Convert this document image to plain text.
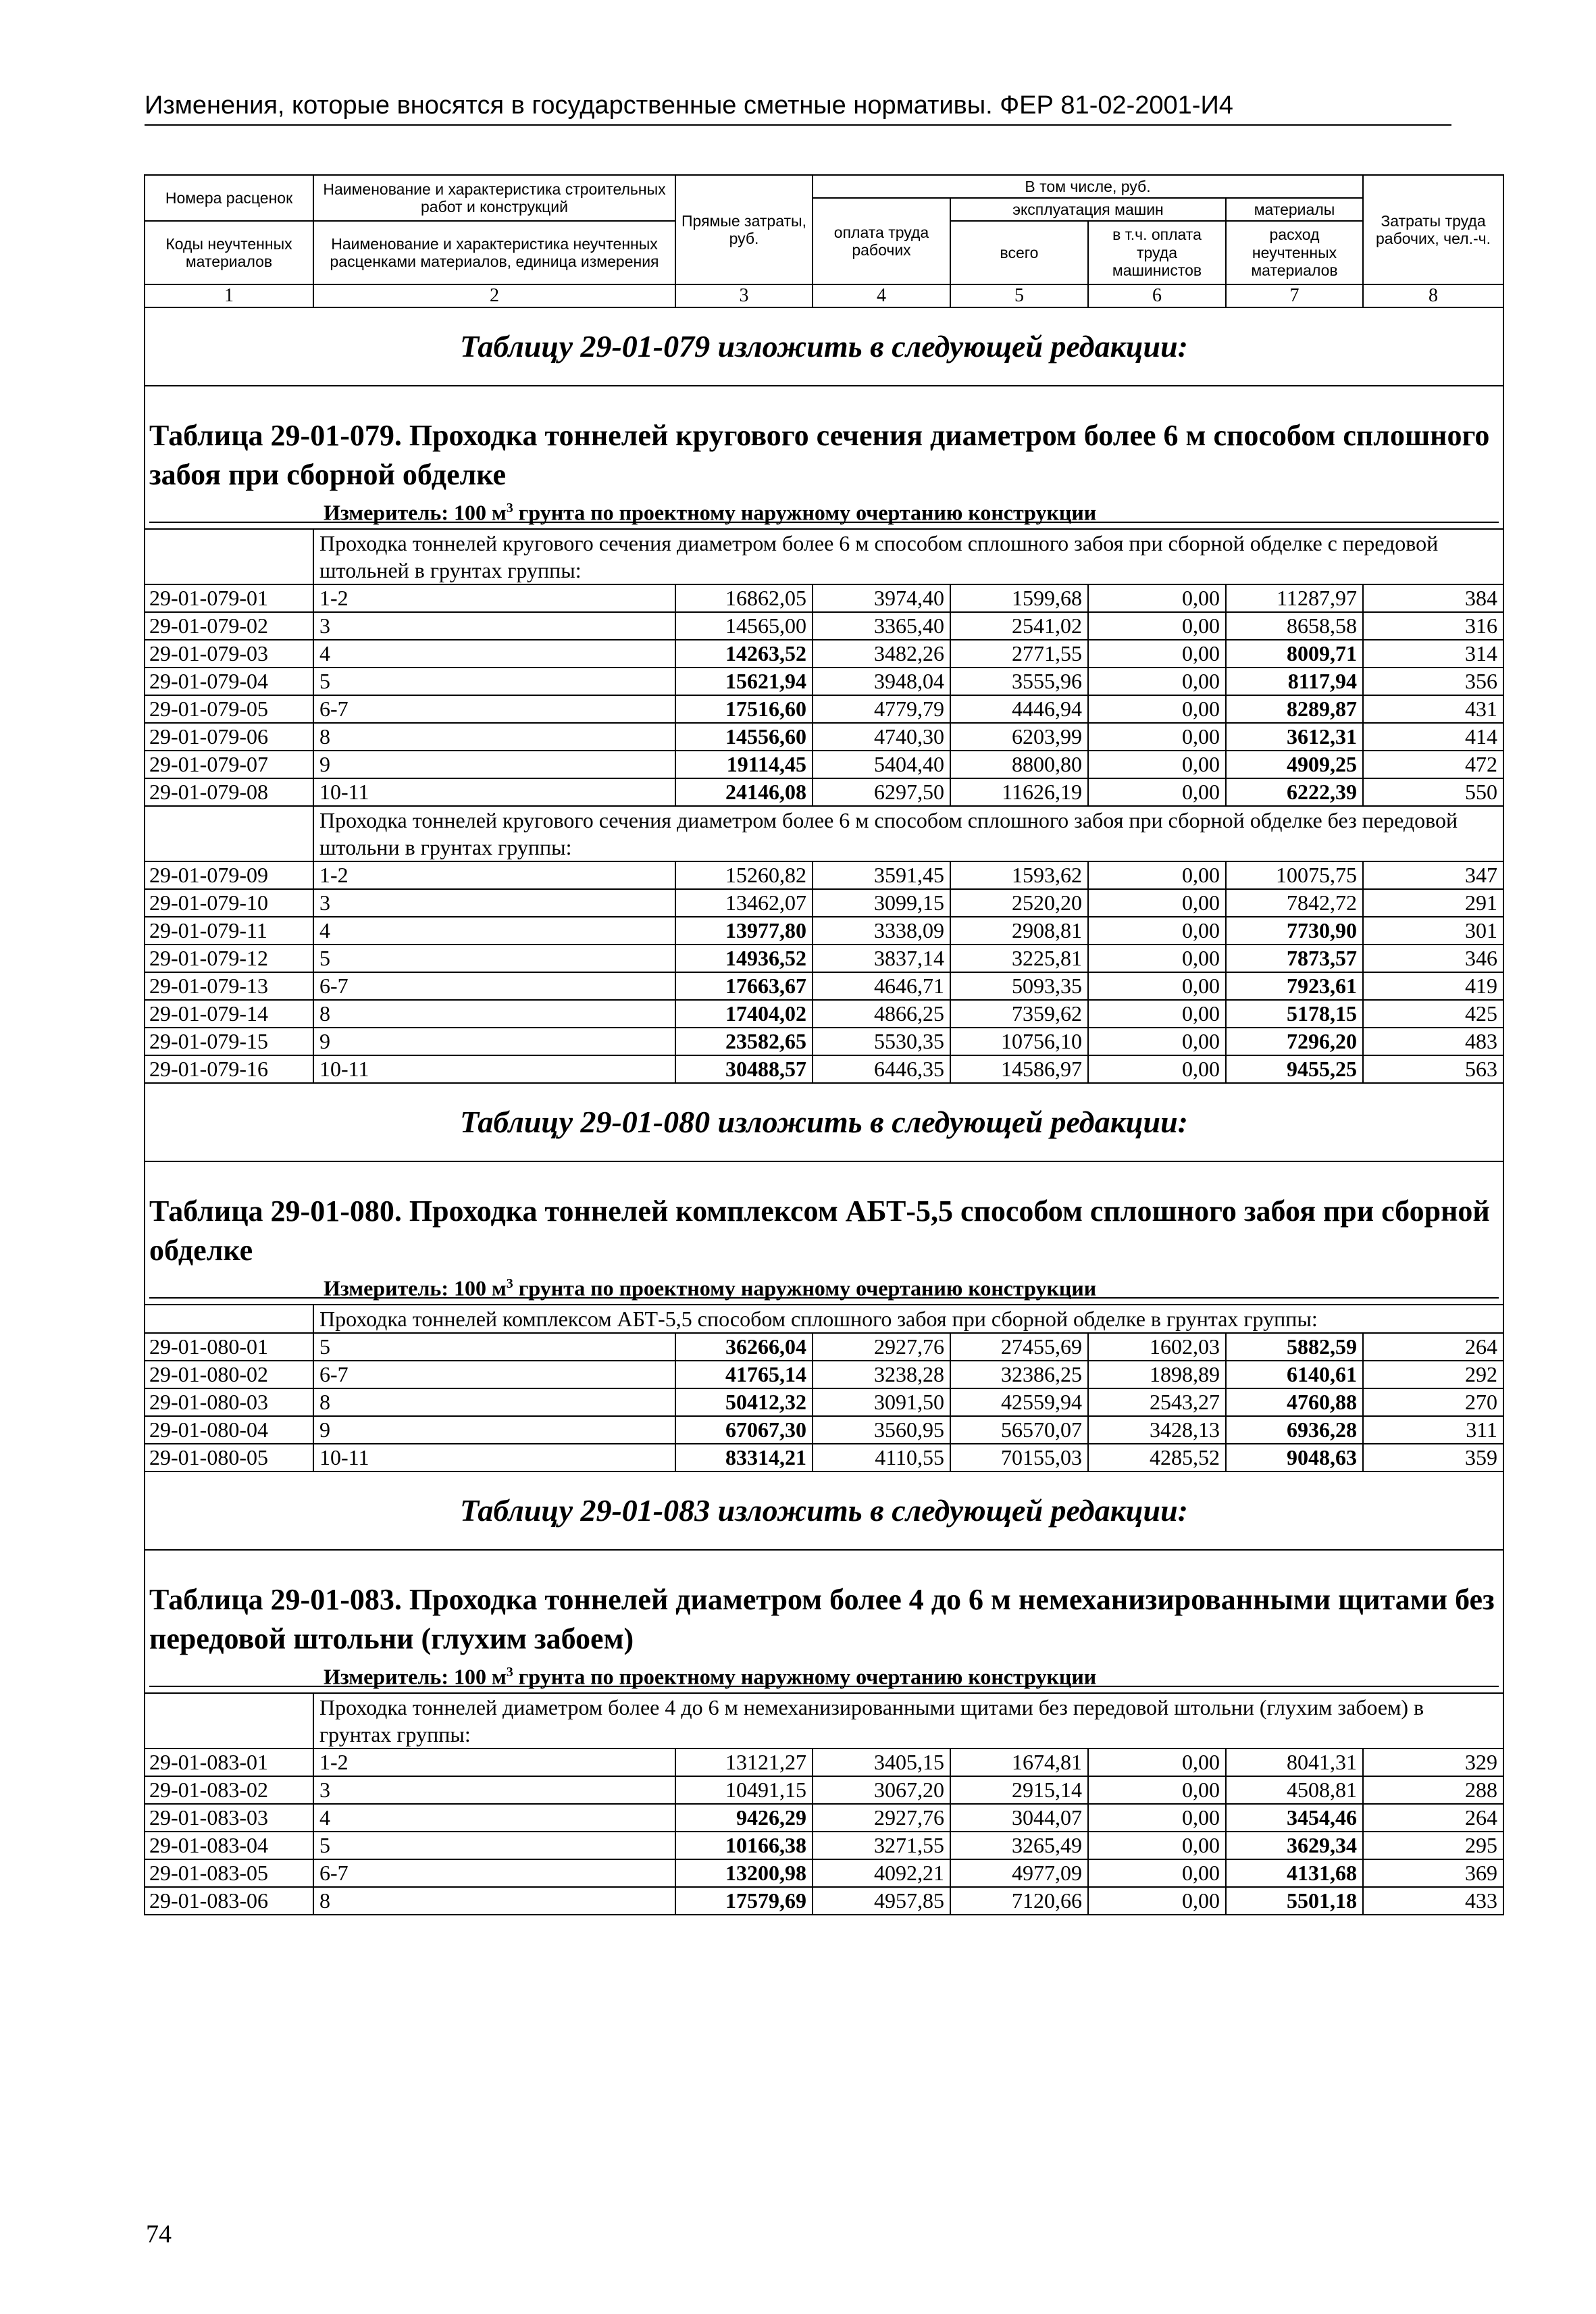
Изменения, которые вносятся в государственные сметные нормативы. ФЕР 81-02-2001-И4
Номера расценок	Наименование и характеристика строительных работ и конструкций	Прямые затраты, руб.	В том числе, руб.				Затраты труда рабочих, чел.-ч.
			оплата труда рабочих	эксплуатация машин		материалы	
Коды неучтенных материалов	Наименование и характеристика неучтенных расценками материалов, единица измерения			всего	в т.ч. оплата труда машинистов	расход неучтенных материалов	

1	2	3	4	5	6	7	8
Таблицу 29-01-079 изложить в следующей редакции:							
Таблица 29-01-079. Проходка тоннелей кругового сечения диаметром более 6 м способом сплошного забоя при сборной обделке
Измеритель: 100 $м^3$ грунта по проектному наружному очертанию конструкции							

	Проходка тоннелей кругового сечения диаметром более 6 м способом сплошного забоя при сборной обделке с передовой штольней в грунтах группы:						
29-01-079-01	1-2	16862,05	3974,40	1599,68	0,00	11287,97	384
29-01-079-02	3	14565,00	3365,40	2541,02	0,00	8658,58	316
29-01-079-03	4	14263,52	3482,26	2771,55	0,00	8009,71	314
29-01-079-04	5	15621,94	3948,04	3555,96	0,00	8117,94	356
29-01-079-05	6-7	17516,60	4779,79	4446,94	0,00	8289,87	431
29-01-079-06	8	14556,60	4740,30	6203,99	0,00	3612,31	414
29-01-079-07	9	19114,45	5404,40	8800,80	0,00	4909,25	472
29-01-079-08	10-11	24146,08	6297,50	11626,19	0,00	6222,39	550
	Проходка тоннелей кругового сечения диаметром более 6 м способом сплошного забоя при сборной обделке без передовой штольни в грунтах группы:						
29-01-079-09	1-2	15260,82	3591,45	1593,62	0,00	10075,75	347
29-01-079-10	3	13462,07	3099,15	2520,20	0,00	7842,72	291
29-01-079-11	4	13977,80	3338,09	2908,81	0,00	7730,90	301
29-01-079-12	5	14936,52	3837,14	3225,81	0,00	7873,57	346
29-01-079-13	6-7	17663,67	4646,71	5093,35	0,00	7923,61	419
29-01-079-14	8	17404,02	4866,25	7359,62	0,00	5178,15	425
29-01-079-15	9	23582,65	5530,35	10756,10	0,00	7296,20	483
29-01-079-16	10-11	30488,57	6446,35	14586,97	0,00	9455,25	563
Таблицу 29-01-080 изложить в следующей редакции:							
Таблица 29-01-080. Проходка тоннелей комплексом АБТ-5,5 способом сплошного забоя при сборной обделке
Измеритель: 100 $м^3$ грунта по проектному наружному очертанию конструкции							

	Проходка тоннелей комплексом АБТ-5,5 способом сплошного забоя при сборной обделке в грунтах группы:						
29-01-080-01	5	36266,04	2927,76	27455,69	1602,03	5882,59	264
29-01-080-02	6-7	41765,14	3238,28	32386,25	1898,89	6140,61	292
29-01-080-03	8	50412,32	3091,50	42559,94	2543,27	4760,88	270
29-01-080-04	9	67067,30	3560,95	56570,07	3428,13	6936,28	311
29-01-080-05	10-11	83314,21	4110,55	70155,03	4285,52	9048,63	359
Таблицу 29-01-083 изложить в следующей редакции:							
Таблица 29-01-083. Проходка тоннелей диаметром более 4 до 6 м немеханизированными щитами без передовой штольни (глухим забоем)
Измеритель: 100 $м^3$ грунта по проектному наружному очертанию конструкции							

	Проходка тоннелей диаметром более 4 до 6 м немеханизированными щитами без передовой штольни (глухим забоем) в грунтах группы:						
29-01-083-01	1-2	13121,27	3405,15	1674,81	0,00	8041,31	329
29-01-083-02	3	10491,15	3067,20	2915,14	0,00	4508,81	288
29-01-083-03	4	9426,29	2927,76	3044,07	0,00	3454,46	264
29-01-083-04	5	10166,38	3271,55	3265,49	0,00	3629,34	295
29-01-083-05	6-7	13200,98	4092,21	4977,09	0,00	4131,68	369
29-01-083-06	8	17579,69	4957,85	7120,66	0,00	5501,18	433
74
